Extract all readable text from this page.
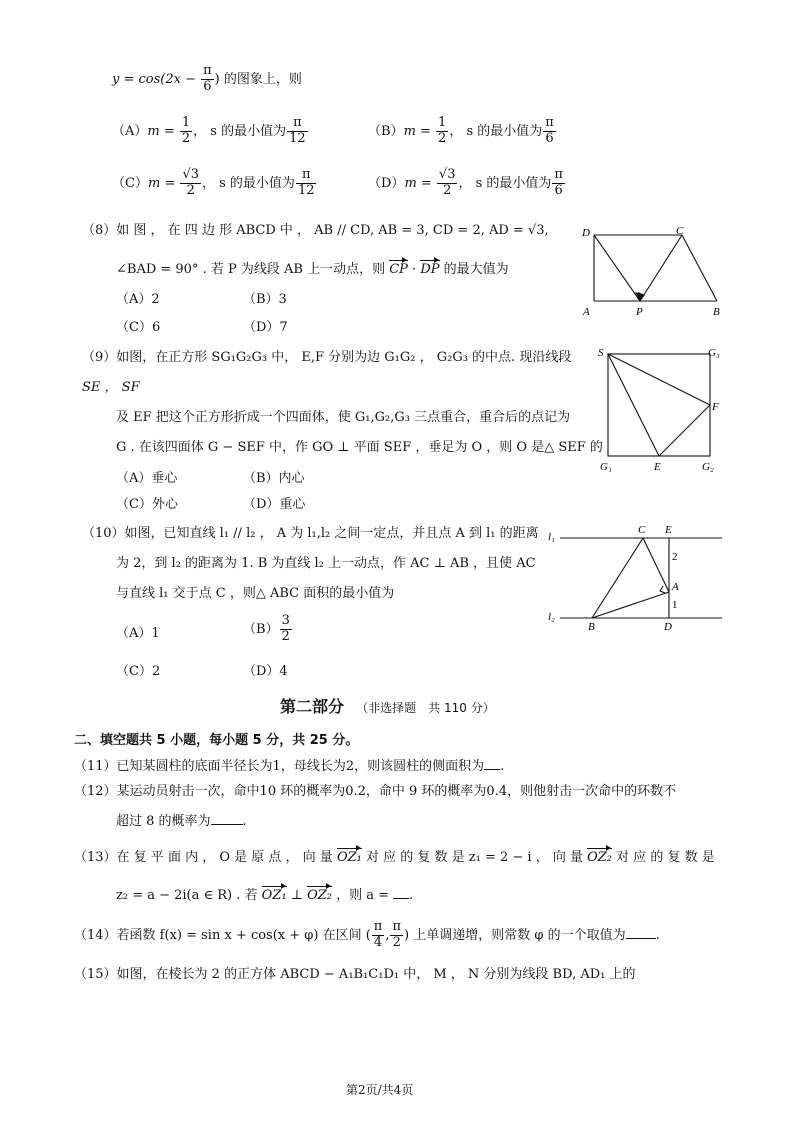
$y = \cos(2x - \frac{\pi}{6}$ ) 的图象上，则
$(A)m = \frac{1}{2}$ ， s 的最小值为 $\frac{\pi}{12}$	$(B)m = \frac{1}{2}$ ， s 的最小值为 $\frac{\pi}{6}$
$(C)m = \frac{√3}{2}$ ， s 的最小值为 $\frac{\pi}{12}$	$(D)m = \frac{√3}{2}$ ， s 的最小值为 $\frac{\pi}{6}$
（8）如 图 ， 在 四 边 形 ABCD 中 ， AB // CD, AB = 3, CD = 2, AD = √3,
∠BAD = 90° . 若 P 为线段 AB 上一动点，则 CP · DP 的最大值为
（A）2	（B）3
（C）6	（D）7
D	C
A	P	B
（9）如图，在正方形 SG₁G₂G₃ 中， E,F 分别为边 G₁G₂ ， G₂G₃ 的中点. 现沿线段
SE ， SF
及 EF 把这个正方形折成一个四面体，使 G₁,G₂,G₃ 三点重合，重合后的点记为
G . 在该四面体 G − SEF 中，作 GO ⊥ 平面 SEF ，垂足为 O ，则 O 是△ SEF 的
（A）垂心	（B）内心
（C）外心	（D）重心
S	G₃
F
G₁	E	G₂
（10）如图，已知直线 l₁ // l₂ ， A 为 l₁,l₂ 之间一定点，并且点 A 到 l₁ 的距离
为 2，到 l₂ 的距离为 1. B 为直线 l₂ 上一动点，作 AC ⊥ AB ，且使 AC
与直线 l₁ 交于点 C ，则△ ABC 面积的最小值为
（A）1	$(B) \frac{3}{2}$
（C）2	（D）4
l₁
C E
2
A
1
l₂
B	D
第二部分 （非选择题　共 110 分）
二、填空题共 5 小题，每小题 5 分，共 25 分。
（11）已知某圆柱的底面半径长为1，母线长为2，则该圆柱的侧面积为 .
（12）某运动员射击一次，命中10 环的概率为0.2，命中 9 环的概率为0.4，则他射击一次命中的环数不
超过 8 的概率为 .
（13）在 复 平 面 内 ， O 是 原 点 ， 向 量 OZ₁ 对 应 的 复 数 是 z₁ = 2 − i ， 向 量 OZ₂ 对 应 的 复 数 是
z₂ = a − 2i(a ∈ R) . 若 OZ₁ ⊥ OZ₂ ，则 a = .
（14）若函数 f(x) = sin x + cos(x + φ) 在区间 ( $\frac{\pi}{4}$ , $\frac{\pi}{2}$ ) 上单调递增，则常数 φ 的一个取值为 .
（15）如图，在棱长为 2 的正方体 ABCD − A₁B₁C₁D₁ 中， M ， N 分别为线段 BD, AD₁ 上的
第2页/共4页
